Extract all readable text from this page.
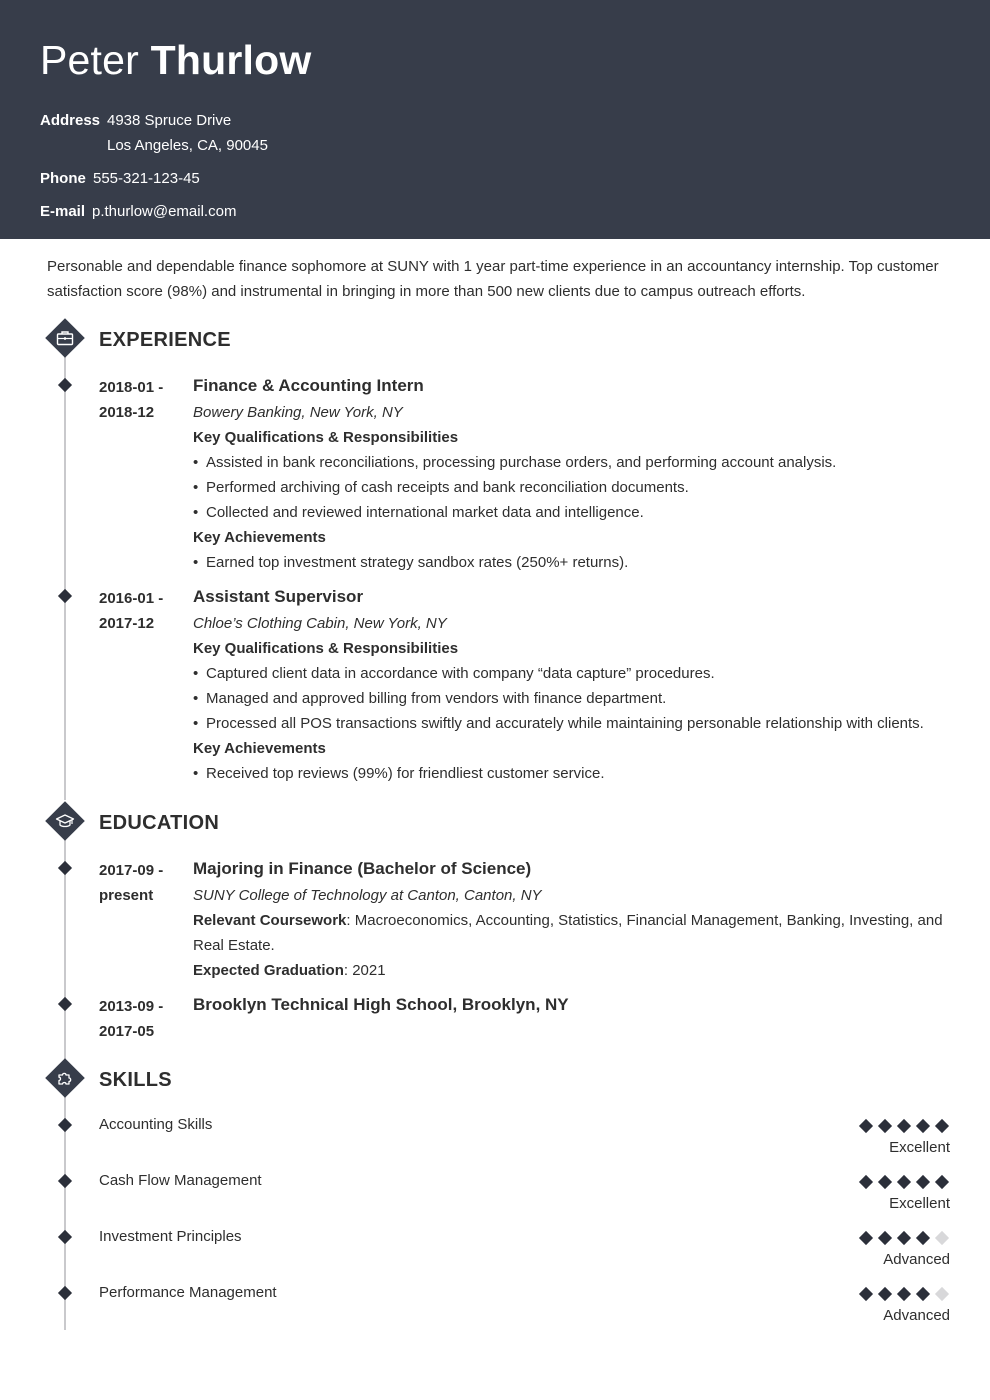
Peter Thurlow
Address 4938 Spruce Drive
Los Angeles, CA, 90045
Phone 555-321-123-45
E-mail p.thurlow@email.com

Personable and dependable finance sophomore at SUNY with 1 year part-time experience in an accountancy internship. Top customer satisfaction score (98%) and instrumental in bringing in more than 500 new clients due to campus outreach efforts.

EXPERIENCE
2018-01 -
2018-12
Finance & Accounting Intern
Bowery Banking, New York, NY
Key Qualifications & Responsibilities
• Assisted in bank reconciliations, processing purchase orders, and performing account analysis.
• Performed archiving of cash receipts and bank reconciliation documents.
• Collected and reviewed international market data and intelligence.
Key Achievements
• Earned top investment strategy sandbox rates (250%+ returns).
2016-01 -
2017-12
Assistant Supervisor
Chloe’s Clothing Cabin, New York, NY
Key Qualifications & Responsibilities
• Captured client data in accordance with company “data capture” procedures.
• Managed and approved billing from vendors with finance department.
• Processed all POS transactions swiftly and accurately while maintaining personable relationship with clients.
Key Achievements
• Received top reviews (99%) for friendliest customer service.
EDUCATION
2017-09 -
present
Majoring in Finance (Bachelor of Science)
SUNY College of Technology at Canton, Canton, NY
Relevant Coursework: Macroeconomics, Accounting, Statistics, Financial Management, Banking, Investing, and Real Estate.
Expected Graduation: 2021
2013-09 -
2017-05
Brooklyn Technical High School, Brooklyn, NY
SKILLS
Accounting Skills
Excellent
Cash Flow Management
Excellent
Investment Principles
Advanced
Performance Management
Advanced
